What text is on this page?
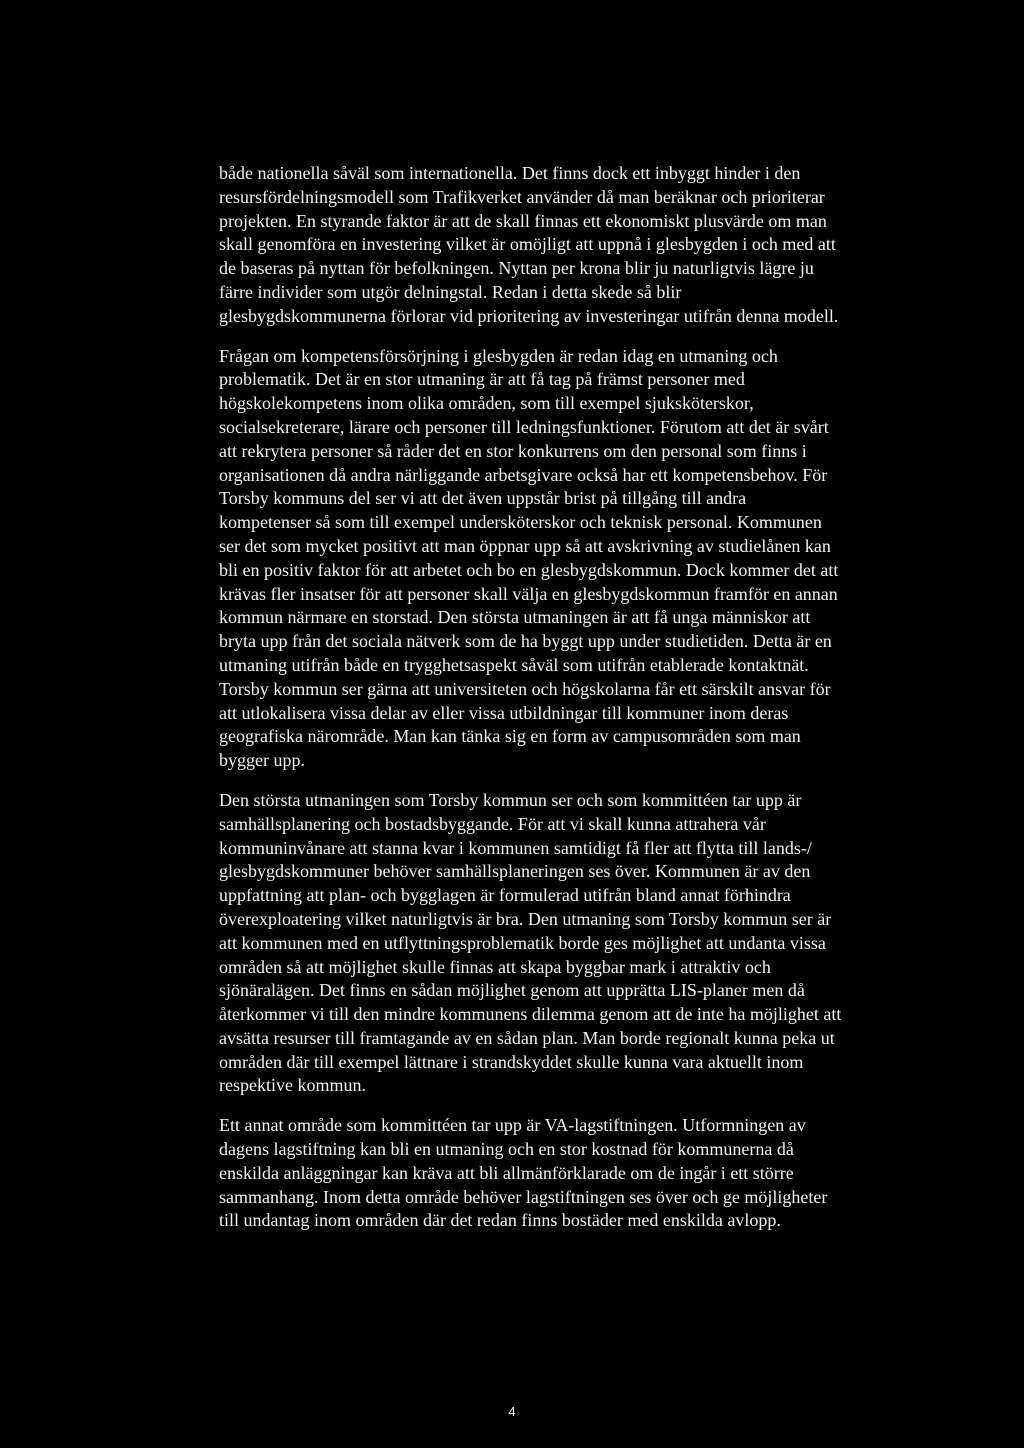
både nationella såväl som internationella. Det finns dock ett inbyggt hinder i den
resursfördelningsmodell som Trafikverket använder då man beräknar och prioriterar
projekten. En styrande faktor är att de skall finnas ett ekonomiskt plusvärde om man
skall genomföra en investering vilket är omöjligt att uppnå i glesbygden i och med att
de baseras på nyttan för befolkningen. Nyttan per krona blir ju naturligtvis lägre ju
färre individer som utgör delningstal. Redan i detta skede så blir
glesbygdskommunerna förlorar vid prioritering av investeringar utifrån denna modell.

Frågan om kompetensförsörjning i glesbygden är redan idag en utmaning och
problematik. Det är en stor utmaning är att få tag på främst personer med
högskolekompetens inom olika områden, som till exempel sjuksköterskor,
socialsekreterare, lärare och personer till ledningsfunktioner. Förutom att det är svårt
att rekrytera personer så råder det en stor konkurrens om den personal som finns i
organisationen då andra närliggande arbetsgivare också har ett kompetensbehov. För
Torsby kommuns del ser vi att det även uppstår brist på tillgång till andra
kompetenser så som till exempel undersköterskor och teknisk personal. Kommunen
ser det som mycket positivt att man öppnar upp så att avskrivning av studielånen kan
bli en positiv faktor för att arbetet och bo en glesbygdskommun. Dock kommer det att
krävas fler insatser för att personer skall välja en glesbygdskommun framför en annan
kommun närmare en storstad. Den största utmaningen är att få unga människor att
bryta upp från det sociala nätverk som de ha byggt upp under studietiden. Detta är en
utmaning utifrån både en trygghetsaspekt såväl som utifrån etablerade kontaktnät.
Torsby kommun ser gärna att universiteten och högskolarna får ett särskilt ansvar för
att utlokalisera vissa delar av eller vissa utbildningar till kommuner inom deras
geografiska närområde. Man kan tänka sig en form av campusområden som man
bygger upp.

Den största utmaningen som Torsby kommun ser och som kommittéen tar upp är
samhällsplanering och bostadsbyggande. För att vi skall kunna attrahera vår
kommuninvånare att stanna kvar i kommunen samtidigt få fler att flytta till lands-/
glesbygdskommuner behöver samhällsplaneringen ses över. Kommunen är av den
uppfattning att plan- och bygglagen är formulerad utifrån bland annat förhindra
överexploatering vilket naturligtvis är bra. Den utmaning som Torsby kommun ser är
att kommunen med en utflyttningsproblematik borde ges möjlighet att undanta vissa
områden så att möjlighet skulle finnas att skapa byggbar mark i attraktiv och
sjönäralägen. Det finns en sådan möjlighet genom att upprätta LIS-planer men då
återkommer vi till den mindre kommunens dilemma genom att de inte ha möjlighet att
avsätta resurser till framtagande av en sådan plan. Man borde regionalt kunna peka ut
områden där till exempel lättnare i strandskyddet skulle kunna vara aktuellt inom
respektive kommun.

Ett annat område som kommittéen tar upp är VA-lagstiftningen. Utformningen av
dagens lagstiftning kan bli en utmaning och en stor kostnad för kommunerna då
enskilda anläggningar kan kräva att bli allmänförklarade om de ingår i ett större
sammanhang. Inom detta område behöver lagstiftningen ses över och ge möjligheter
till undantag inom områden där det redan finns bostäder med enskilda avlopp.

4
